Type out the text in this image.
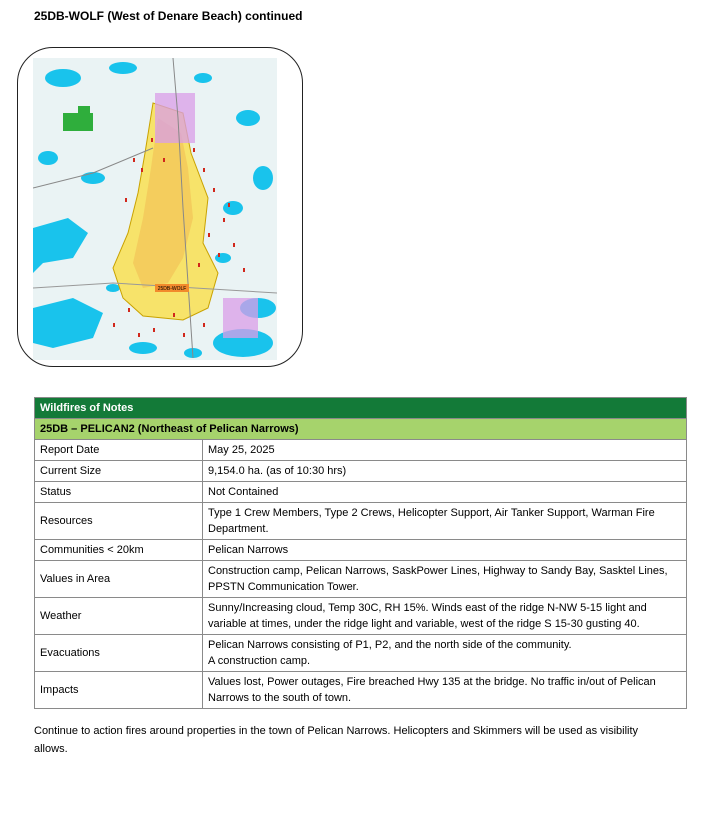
25DB-WOLF (West of Denare Beach) continued
25DB-WOLF
Wildfires of Notes	
25DB – PELICAN2 (Northeast of Pelican Narrows)	
Report Date	May 25, 2025
Current Size	9,154.0 ha. (as of 10:30 hrs)
Status	Not Contained
Resources	Type 1 Crew Members, Type 2 Crews, Helicopter Support, Air Tanker Support, Warman Fire Department.
Communities < 20km	Pelican Narrows
Values in Area	Construction camp, Pelican Narrows, SaskPower Lines, Highway to Sandy Bay, Sasktel Lines, PPSTN Communication Tower.
Weather	Sunny/Increasing cloud, Temp 30C, RH 15%. Winds east of the ridge N-NW 5-15 light and variable at times, under the ridge light and variable, west of the ridge S 15-30 gusting 40.
Evacuations	Pelican Narrows consisting of P1, P2, and the north side of the community.
A construction camp.

Impacts	Values lost, Power outages, Fire breached Hwy 135 at the bridge. No traffic in/out of Pelican Narrows to the south of town.
Continue to action fires around properties in the town of Pelican Narrows. Helicopters and Skimmers will be used as visibility allows.
